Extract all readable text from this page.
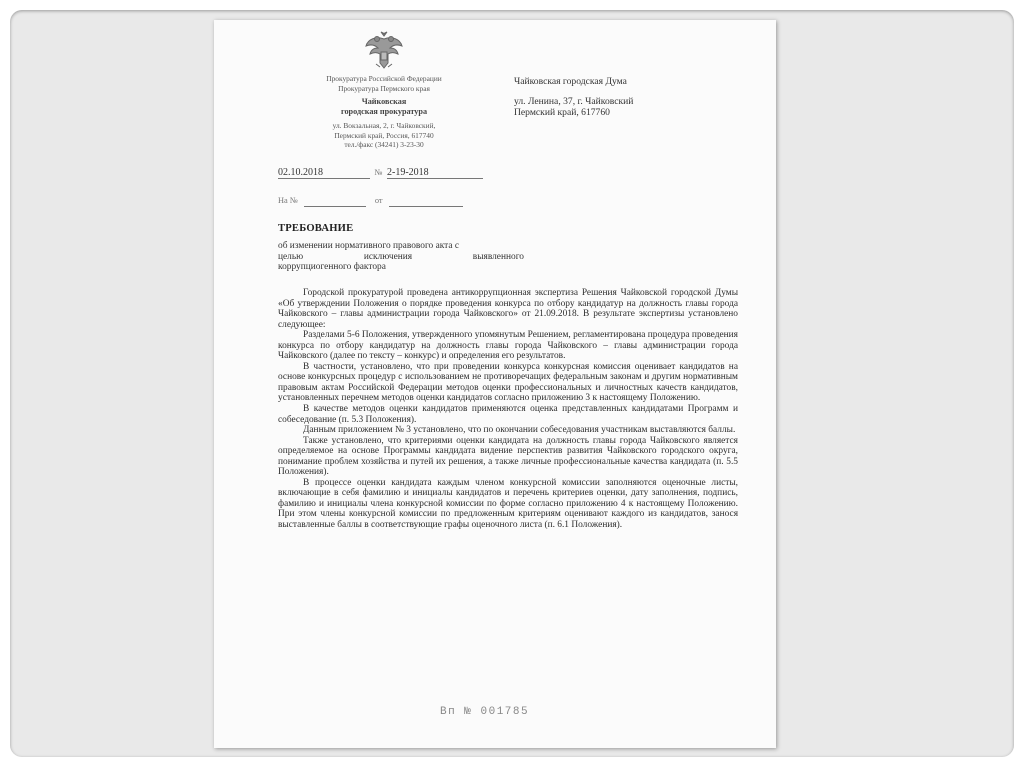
Прокуратура Российской Федерации
Прокуратура Пермского края
Чайковская
городская прокуратура
ул. Вокзальная, 2, г. Чайковский,
Пермский край, Россия, 617740
тел./факс (34241) 3-23-30
Чайковская городская Дума
ул. Ленина, 37, г. Чайковский
Пермский край, 617760
02.10.2018	№ 2-19-2018
На №	от
ТРЕБОВАНИЕ
об изменении нормативного правового акта с
целью исключения выявленного
коррупциогенного фактора

Городской прокуратурой проведена антикоррупционная экспертиза Решения Чайковской городской Думы «Об утверждении Положения о порядке проведения конкурса по отбору кандидатур на должность главы города Чайковского – главы администрации города Чайковского» от 21.09.2018. В результате экспертизы установлено следующее:

Разделами 5-6 Положения, утвержденного упомянутым Решением, регламентирована процедура проведения конкурса по отбору кандидатур на должность главы города Чайковского – главы администрации города Чайковского (далее по тексту – конкурс) и определения его результатов.

В частности, установлено, что при проведении конкурса конкурсная комиссия оценивает кандидатов на основе конкурсных процедур с использованием не противоречащих федеральным законам и другим нормативным правовым актам Российской Федерации методов оценки профессиональных и личностных качеств кандидатов, установленных перечнем методов оценки кандидатов согласно приложению 3 к настоящему Положению.

В качестве методов оценки кандидатов применяются оценка представленных кандидатами Программ и собеседование (п. 5.3 Положения).

Данным приложением № 3 установлено, что по окончании собеседования участникам выставляются баллы.

Также установлено, что критериями оценки кандидата на должность главы города Чайковского является определяемое на основе Программы кандидата видение перспектив развития Чайковского городского округа, понимание проблем хозяйства и путей их решения, а также личные профессиональные качества кандидата (п. 5.5 Положения).

В процессе оценки кандидата каждым членом конкурсной комиссии заполняются оценочные листы, включающие в себя фамилию и инициалы кандидатов и перечень критериев оценки, дату заполнения, подпись, фамилию и инициалы члена конкурсной комиссии по форме согласно приложению 4 к настоящему Положению. При этом члены конкурсной комиссии по предложенным критериям оценивают каждого из кандидатов, занося выставленные баллы в соответствующие графы оценочного листа (п. 6.1 Положения).

Вп № 001785
